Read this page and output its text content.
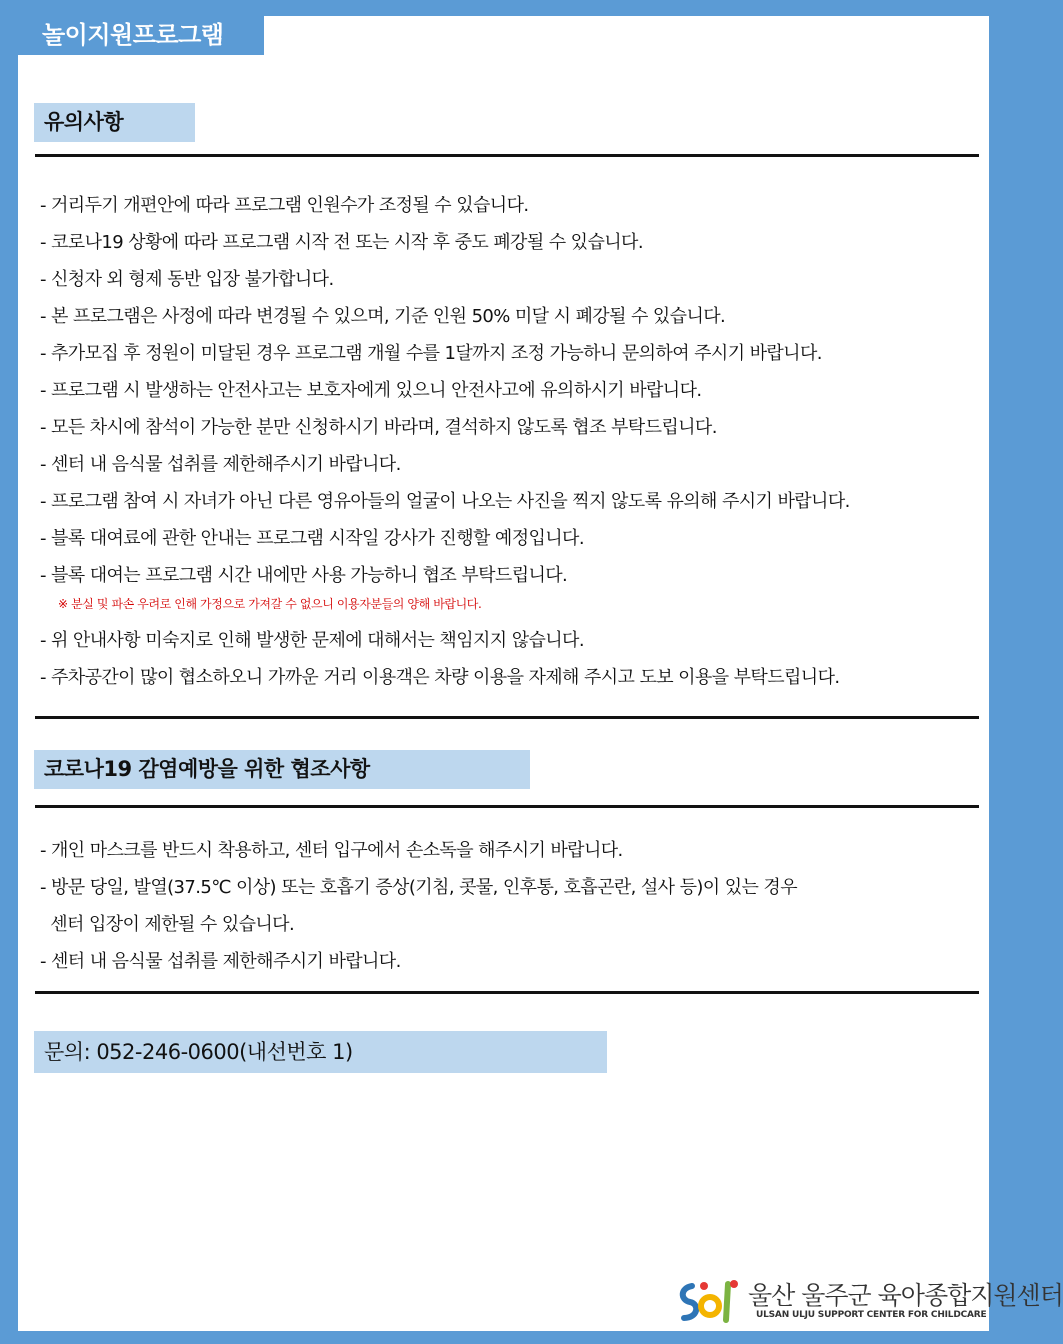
놀이지원프로그램
유의사항
- 거리두기 개편안에 따라 프로그램 인원수가 조정될 수 있습니다.
- 코로나19 상황에 따라 프로그램 시작 전 또는 시작 후 중도 폐강될 수 있습니다.
- 신청자 외 형제 동반 입장 불가합니다.
- 본 프로그램은 사정에 따라 변경될 수 있으며, 기준 인원 50% 미달 시 폐강될 수 있습니다.
- 추가모집 후 정원이 미달된 경우 프로그램 개월 수를 1달까지 조정 가능하니 문의하여 주시기 바랍니다.
- 프로그램 시 발생하는 안전사고는 보호자에게 있으니 안전사고에 유의하시기 바랍니다.
- 모든 차시에 참석이 가능한 분만 신청하시기 바라며, 결석하지 않도록 협조 부탁드립니다.
- 센터 내 음식물 섭취를 제한해주시기 바랍니다.
- 프로그램 참여 시 자녀가 아닌 다른 영유아들의 얼굴이 나오는 사진을 찍지 않도록 유의해 주시기 바랍니다.
- 블록 대여료에 관한 안내는 프로그램 시작일 강사가 진행할 예정입니다.
- 블록 대여는 프로그램 시간 내에만 사용 가능하니 협조 부탁드립니다.
※ 분실 및 파손 우려로 인해 가정으로 가져갈 수 없으니 이용자분들의 양해 바랍니다.
- 위 안내사항 미숙지로 인해 발생한 문제에 대해서는 책임지지 않습니다.
- 주차공간이 많이 협소하오니 가까운 거리 이용객은 차량 이용을 자제해 주시고 도보 이용을 부탁드립니다.
코로나19 감염예방을 위한 협조사항
- 개인 마스크를 반드시 착용하고, 센터 입구에서 손소독을 해주시기 바랍니다.
- 방문 당일, 발열(37.5℃ 이상) 또는 호흡기 증상(기침, 콧물, 인후통, 호흡곤란, 설사 등)이 있는 경우
센터 입장이 제한될 수 있습니다.
- 센터 내 음식물 섭취를 제한해주시기 바랍니다.
문의: 052-246-0600(내선번호 1)
울산 울주군 육아종합지원센터
ULSAN ULJU SUPPORT CENTER FOR CHILDCARE
